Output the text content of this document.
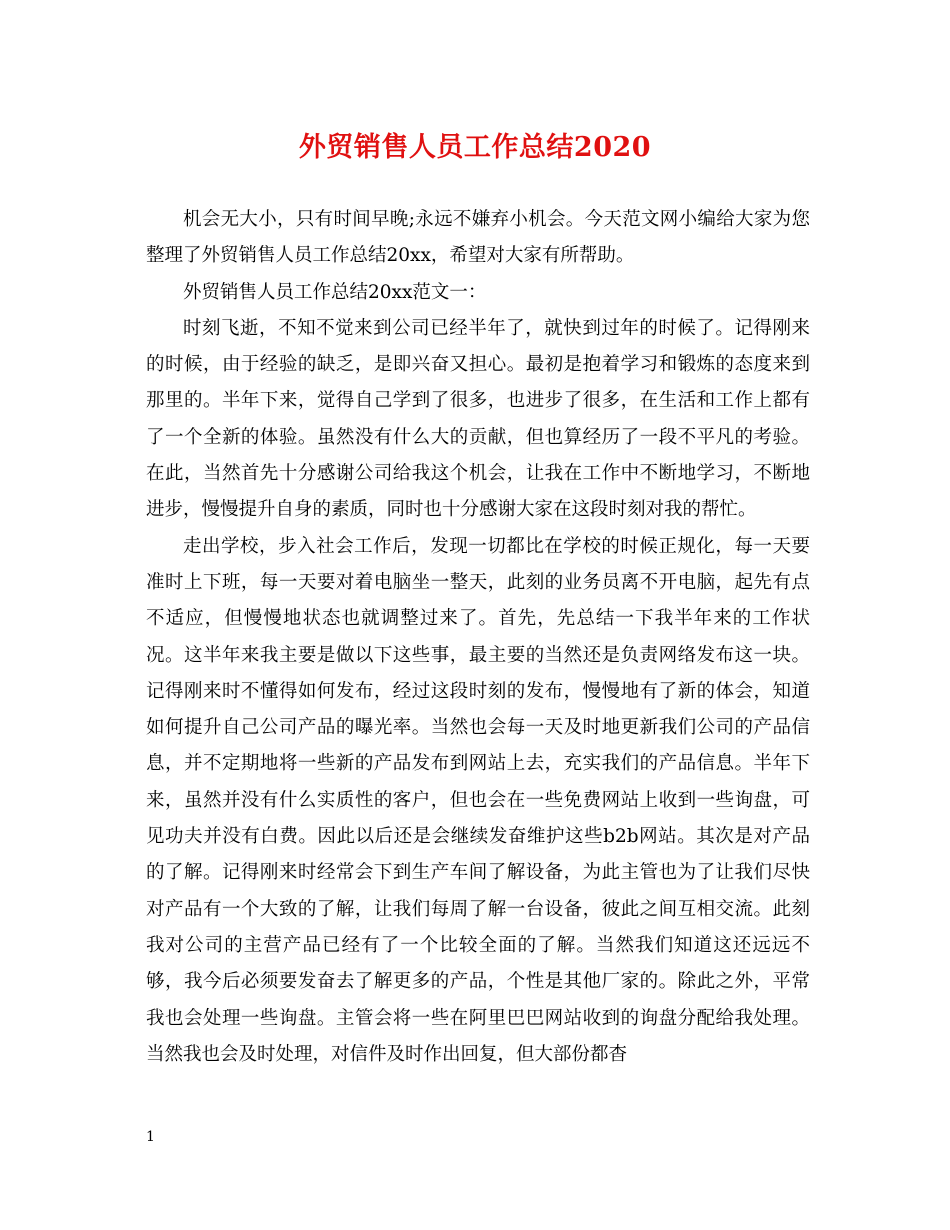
外贸销售人员工作总结2020

机会无大小，只有时间早晚;永远不嫌弃小机会。今天范文网小编给大家为您整理了外贸销售人员工作总结20xx，希望对大家有所帮助。

外贸销售人员工作总结20xx范文一：

时刻飞逝，不知不觉来到公司已经半年了，就快到过年的时候了。记得刚来的时候，由于经验的缺乏，是即兴奋又担心。最初是抱着学习和锻炼的态度来到那里的。半年下来，觉得自己学到了很多，也进步了很多，在生活和工作上都有了一个全新的体验。虽然没有什么大的贡献，但也算经历了一段不平凡的考验。在此，当然首先十分感谢公司给我这个机会，让我在工作中不断地学习，不断地进步，慢慢提升自身的素质，同时也十分感谢大家在这段时刻对我的帮忙。

走出学校，步入社会工作后，发现一切都比在学校的时候正规化，每一天要准时上下班，每一天要对着电脑坐一整天，此刻的业务员离不开电脑，起先有点不适应，但慢慢地状态也就调整过来了。首先，先总结一下我半年来的工作状况。这半年来我主要是做以下这些事，最主要的当然还是负责网络发布这一块。记得刚来时不懂得如何发布，经过这段时刻的发布，慢慢地有了新的体会，知道如何提升自己公司产品的曝光率。当然也会每一天及时地更新我们公司的产品信息，并不定期地将一些新的产品发布到网站上去，充实我们的产品信息。半年下来，虽然并没有什么实质性的客户，但也会在一些免费网站上收到一些询盘，可见功夫并没有白费。因此以后还是会继续发奋维护这些b2b网站。其次是对产品的了解。记得刚来时经常会下到生产车间了解设备，为此主管也为了让我们尽快对产品有一个大致的了解，让我们每周了解一台设备，彼此之间互相交流。此刻我对公司的主营产品已经有了一个比较全面的了解。当然我们知道这还远远不够，我今后必须要发奋去了解更多的产品，个性是其他厂家的。除此之外，平常我也会处理一些询盘。主管会将一些在阿里巴巴网站收到的询盘分配给我处理。当然我也会及时处理，对信件及时作出回复，但大部份都杳

1
